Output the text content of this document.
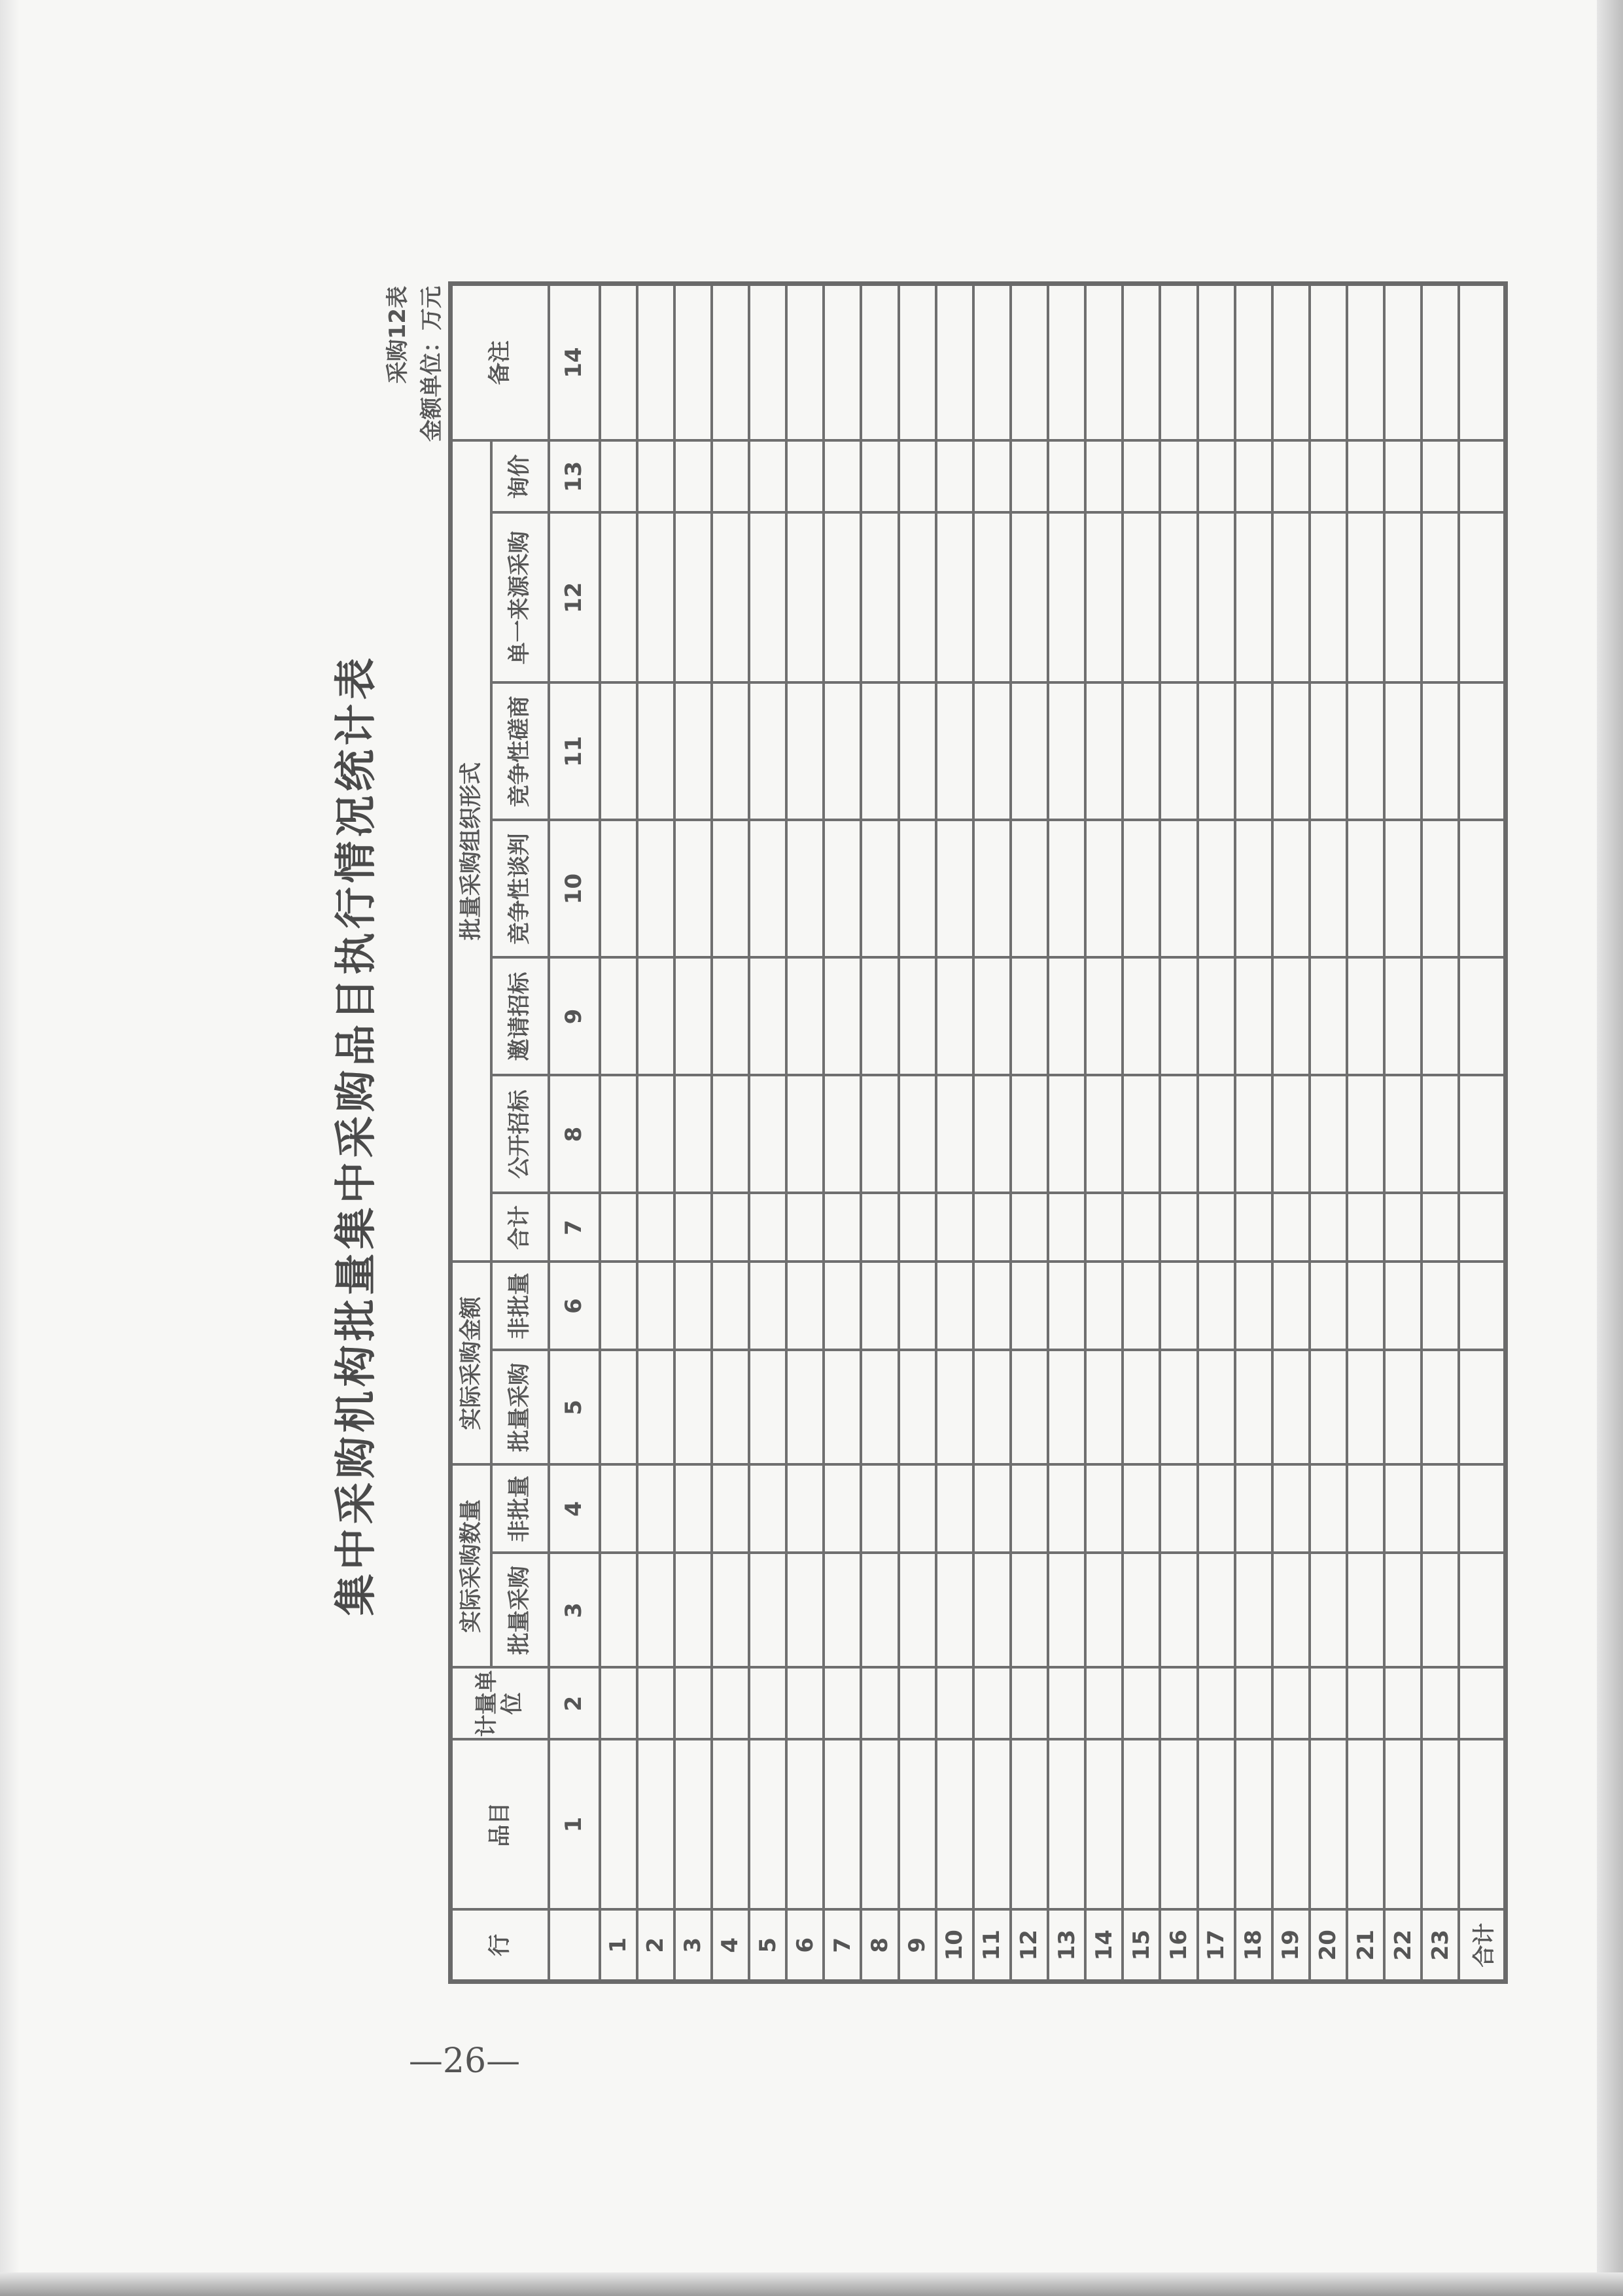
集中采购机构批量集中采购品目执行情况统计表
采购12表 金额单位：万元
行	品目	计量单位	实际采购数量		实际采购金额		批量采购组织形式							备注
			批量采购	非批量	批量采购	非批量	合计	公开招标	邀请招标	竞争性谈判	竞争性磋商	单一来源采购	询价	
	1	2	3	4	5	6	7	8	9	10	11	12	13	14
1														
2														
3														
4														
5														
6														
7														
8														
9														
10														
11														
12														
13														
14														
15														
16														
17														
18														
19														
20														
21														
22														
23														
合计														
—26—
